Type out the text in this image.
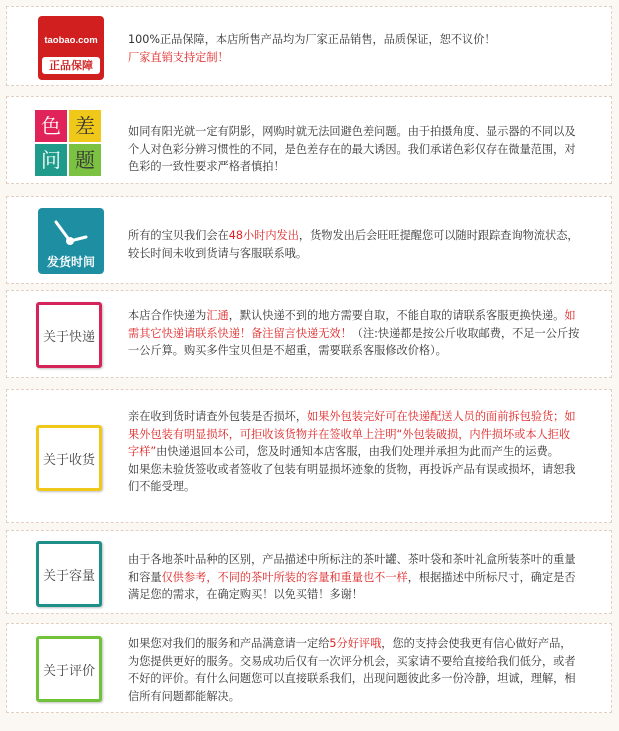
taobao.com
正品保障
100%正品保障，本店所售产品均为厂家正品销售，品质保证，恕不议价！
厂家直销支持定制！
色 差
问 题
如同有阳光就一定有阴影，网购时就无法回避色差问题。由于拍摄角度、显示器的不同以及个人对色彩分辨习惯性的不同，是色差存在的最大诱因。我们承诺色彩仅存在微量范围，对色彩的一致性要求严格者慎拍！
发货时间
所有的宝贝我们会在48小时内发出，货物发出后会旺旺提醒您可以随时跟踪查询物流状态，较长时间未收到货请与客服联系哦。
关于快递
本店合作快递为汇通，默认快递不到的地方需要自取，不能自取的请联系客服更换快递。如需其它快递请联系快递！备注留言快递无效！（注:快递都是按公斤收取邮费，不足一公斤按一公斤算。购买多件宝贝但是不超重，需要联系客服修改价格）。
关于收货
亲在收到货时请查外包装是否损坏，如果外包装完好可在快递配送人员的面前拆包验货；如果外包装有明显损坏，可拒收该货物并在签收单上注明“外包装破损，内件损坏或本人拒收字样”由快递退回本公司，您及时通知本店客服，由我们处理并承担为此而产生的运费。
如果您未验货签收或者签收了包装有明显损坏迹象的货物，再投诉产品有误或损坏，请恕我们不能受理。
关于容量
由于各地茶叶品种的区别，产品描述中所标注的茶叶罐、茶叶袋和茶叶礼盒所装茶叶的重量和容量仅供参考，不同的茶叶所装的容量和重量也不一样，根据描述中所标尺寸，确定是否满足您的需求，在确定购买！以免买错！多谢！
关于评价
如果您对我们的服务和产品满意请一定给5分好评哦，您的支持会使我更有信心做好产品，为您提供更好的服务。交易成功后仅有一次评分机会，买家请不要给直接给我们低分，或者不好的评价。有什么问题您可以直接联系我们，出现问题彼此多一份冷静，坦诚，理解，相信所有问题都能解决。
